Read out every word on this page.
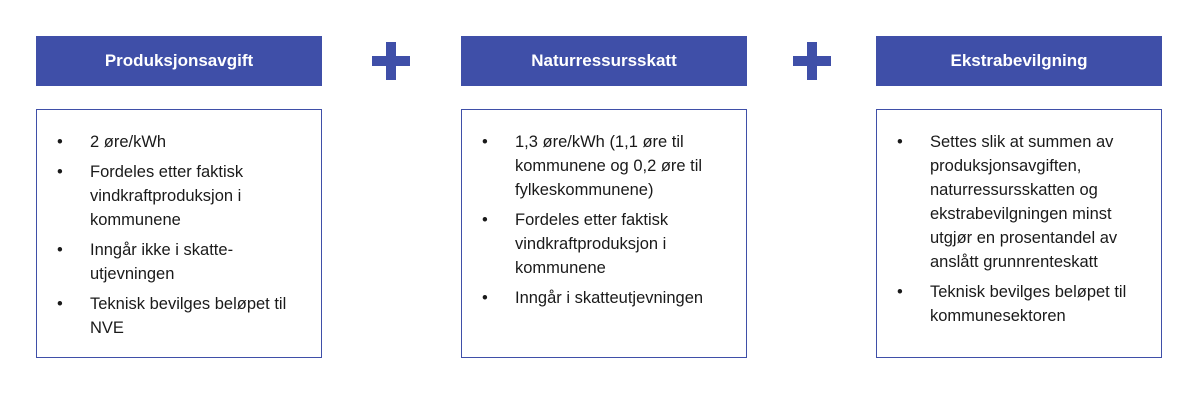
Produksjonsavgift
•	2 øre/kWh
•	Fordeles etter faktisk vindkraftproduksjon i kommunene
•	Inngår ikke i skatte-utjevningen
•	Teknisk bevilges beløpet til NVE
Naturressursskatt
•	1,3 øre/kWh (1,1 øre til kommunene og 0,2 øre til fylkeskommunene)
•	Fordeles etter faktisk vindkraftproduksjon i kommunene
•	Inngår i skatteutjevningen
Ekstrabevilgning
•	Settes slik at summen av produksjonsavgiften, naturressursskatten og ekstrabevilgningen minst utgjør en prosentandel av anslått grunnrenteskatt
•	Teknisk bevilges beløpet til kommunesektoren
